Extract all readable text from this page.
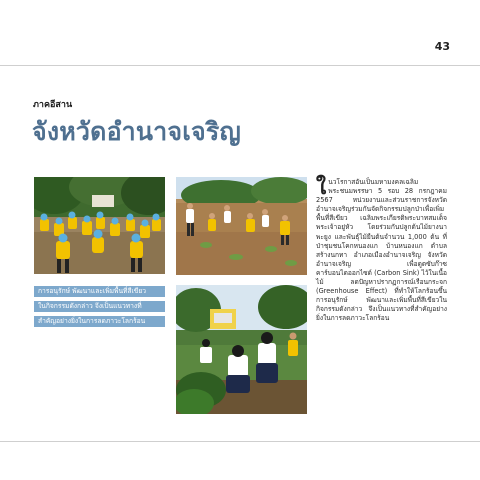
43
ภาคอีสาน
จังหวัดอำนาจเจริญ
การอนุรักษ์ พัฒนาและเพิ่มพื้นที่สีเขียว
ในกิจกรรมดังกล่าว จึงเป็นแนวทางที่
สำคัญอย่างยิ่งในการลดภาวะโลกร้อน
ในวโรกาสอันเป็นมหามงคลเฉลิมพระชนมพรรษา 5 รอบ 28 กรกฎาคม 2567 หน่วยงานและส่วนราชการจังหวัดอำนาจเจริญร่วมกันจัดกิจกรรมปลูกป่าเพื่อเพิ่มพื้นที่สีเขียว เฉลิมพระเกียรติพระบาทสมเด็จพระเจ้าอยู่หัว โดยร่วมกันปลูกต้นไม้ยางนา พะยูง และพันธุ์ไม้ยืนต้นจำนวน 1,000 ต้น ที่ป่าชุมชนโคกหนองแก บ้านหนองแก ตำบลสร้างนกทา อำเภอเมืองอำนาจเจริญ จังหวัดอำนาจเจริญ เพื่อดูดซับก๊าซคาร์บอนไดออกไซด์ (Carbon Sink) ไว้ในเนื้อไม้ ลดปัญหาปรากฏการณ์เรือนกระจก (Greenhouse Effect) ที่ทำให้โลกร้อนขึ้น การอนุรักษ์ พัฒนาและเพิ่มพื้นที่สีเขียวในกิจกรรมดังกล่าว จึงเป็นแนวทางที่สำคัญอย่างยิ่งในการลดภาวะโลกร้อน
